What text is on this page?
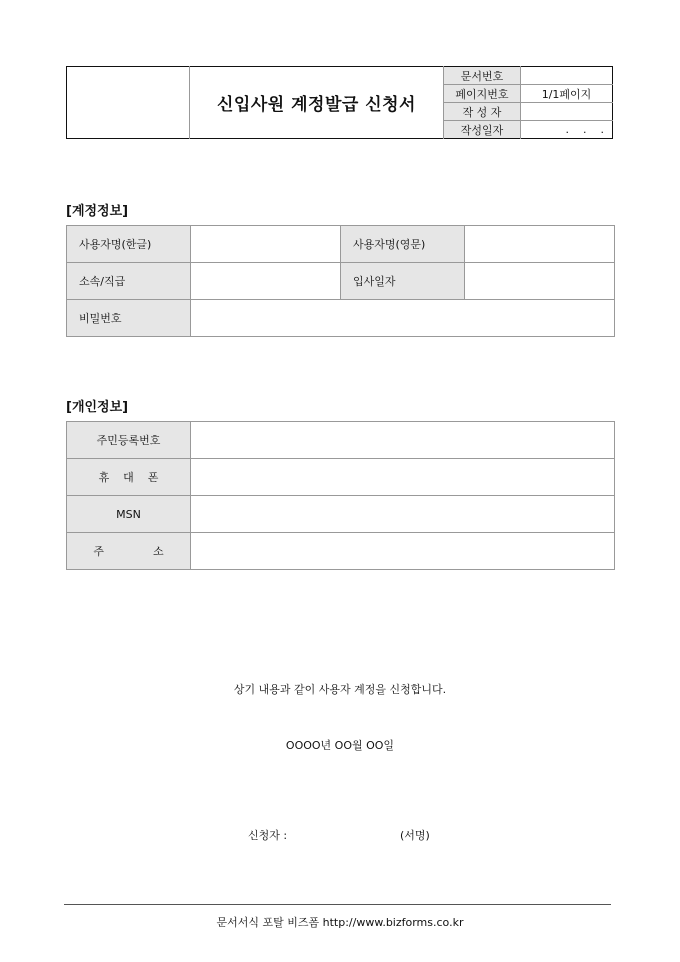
	신입사원 계정발급 신청서	문서번호	
		페이지번호	1/1페이지
		작 성 자	
		작성일자	.    .    .
[계정정보]
사용자명(한글)		사용자명(영문)	
소속/직급		입사일자	
비밀번호			
[개인정보]
주민등록번호	
휴    대    폰	
MSN	
주              소	

상기 내용과 같이 사용자 계정을 신청합니다.

OOOO년 OO월 OO일

신청자 :	(서명)
문서서식 포탈 비즈폼 http://www.bizforms.co.kr
